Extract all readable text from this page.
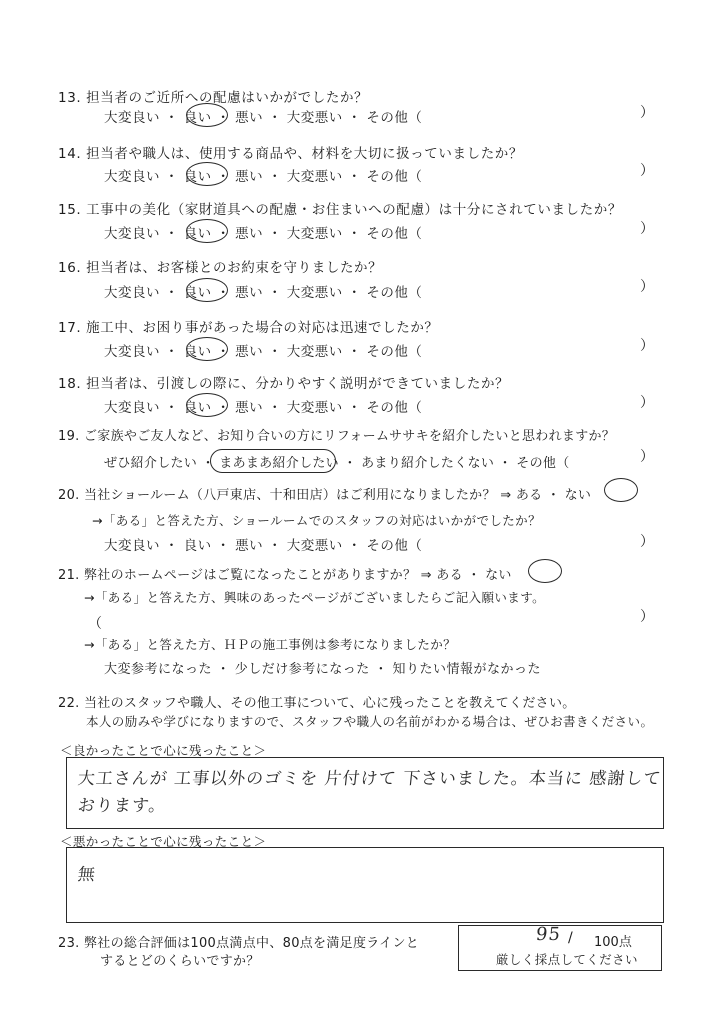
13. 担当者のご近所への配慮はいかがでしたか？
大変良い ・ 良い ・ 悪い ・ 大変悪い ・ その他（	）
14. 担当者や職人は、使用する商品や、材料を大切に扱っていましたか？
大変良い ・ 良い ・ 悪い ・ 大変悪い ・ その他（	）
15. 工事中の美化（家財道具への配慮・お住まいへの配慮）は十分にされていましたか？
大変良い ・ 良い ・ 悪い ・ 大変悪い ・ その他（	）
16. 担当者は、お客様とのお約束を守りましたか？
大変良い ・ 良い ・ 悪い ・ 大変悪い ・ その他（	）
17. 施工中、お困り事があった場合の対応は迅速でしたか？
大変良い ・ 良い ・ 悪い ・ 大変悪い ・ その他（	）
18. 担当者は、引渡しの際に、分かりやすく説明ができていましたか？
大変良い ・ 良い ・ 悪い ・ 大変悪い ・ その他（	）
19. ご家族やご友人など、お知り合いの方にリフォームササキを紹介したいと思われますか？
ぜひ紹介したい ・ まあまあ紹介したい ・ あまり紹介したくない ・ その他（	）
20. 当社ショールーム（八戸東店、十和田店）はご利用になりましたか？ ⇒ ある ・ ない
→「ある」と答えた方、ショールームでのスタッフの対応はいかがでしたか？
大変良い ・ 良い ・ 悪い ・ 大変悪い ・ その他（	）
21. 弊社のホームページはご覧になったことがありますか？ ⇒ ある ・ ない
→「ある」と答えた方、興味のあったページがございましたらご記入願います。
（	）
→「ある」と答えた方、ＨＰの施工事例は参考になりましたか？
大変参考になった ・ 少しだけ参考になった ・ 知りたい情報がなかった
22. 当社のスタッフや職人、その他工事について、心に残ったことを教えてください。
本人の励みや学びになりますので、スタッフや職人の名前がわかる場合は、ぜひお書きください。
＜良かったことで心に残ったこと＞
大工さんが 工事以外のゴミを 片付けて 下さいました。本当に 感謝して
おります。
＜悪かったことで心に残ったこと＞
無
23. 弊社の総合評価は100点満点中、80点を満足度ラインと
するとどのくらいですか？
95 / 100点
厳しく採点してください
